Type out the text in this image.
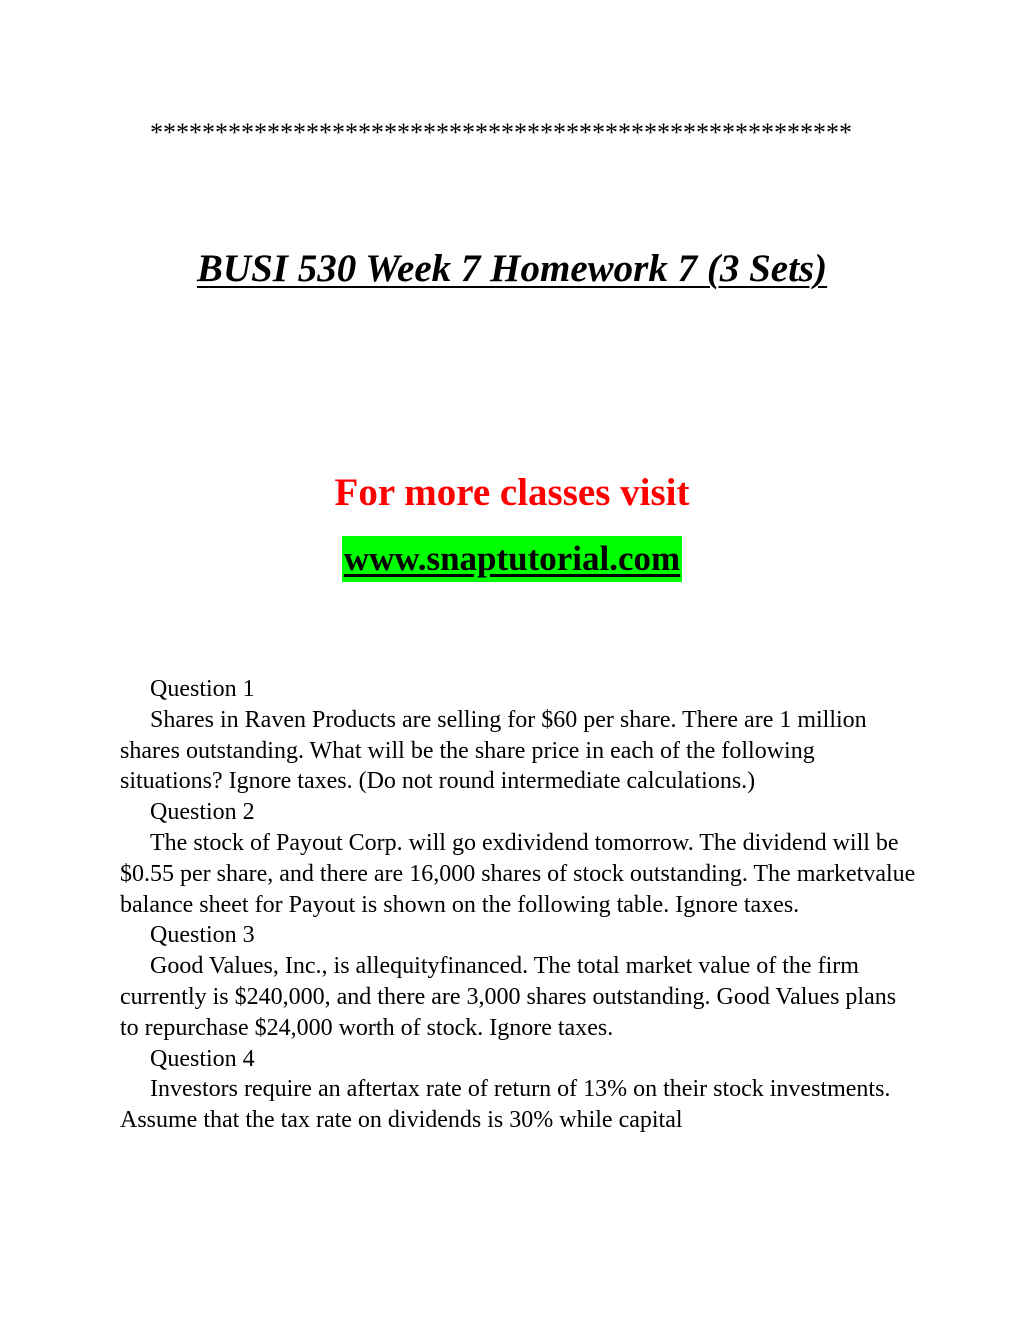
******************************************************
BUSI 530 Week 7 Homework 7 (3 Sets)
For more classes visit
www.snaptutorial.com

Question 1

Shares in Raven Products are selling for $60 per share. There are 1 million shares outstanding. What will be the share price in each of the following situations? Ignore taxes. (Do not round intermediate calculations.)

Question 2

The stock of Payout Corp. will go exdividend tomorrow. The dividend will be $0.55 per share, and there are 16,000 shares of stock outstanding. The marketvalue balance sheet for Payout is shown on the following table. Ignore taxes.

Question 3

Good Values, Inc., is allequityfinanced. The total market value of the firm currently is $240,000, and there are 3,000 shares outstanding. Good Values plans to repurchase $24,000 worth of stock. Ignore taxes.

Question 4

Investors require an aftertax rate of return of 13% on their stock investments. Assume that the tax rate on dividends is 30% while capital
